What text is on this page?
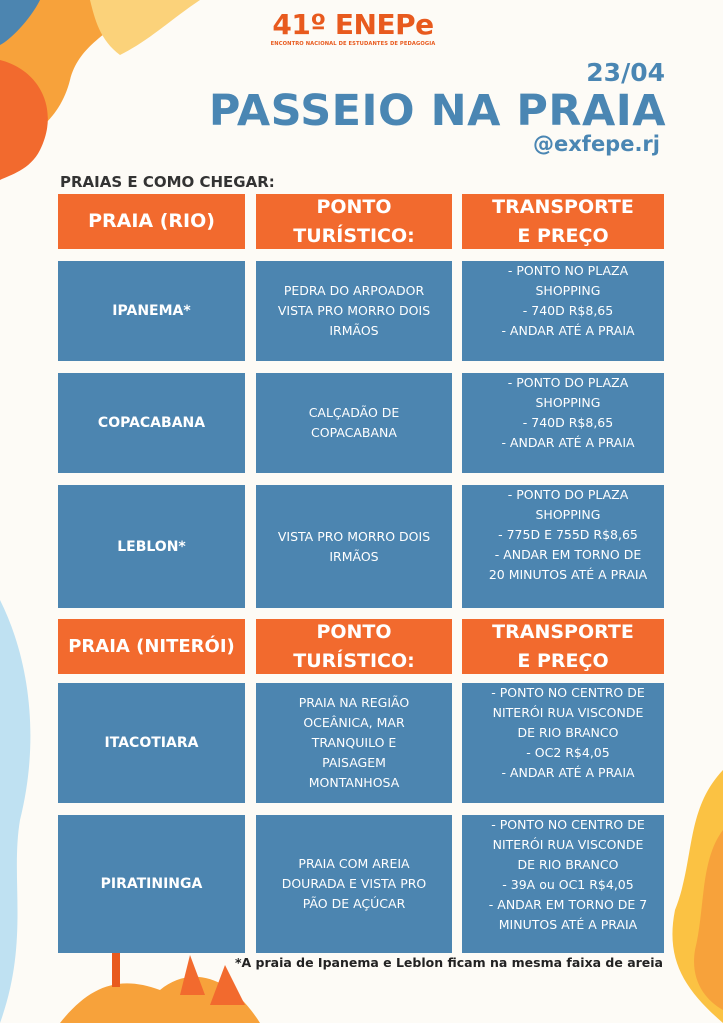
41º ENEPe
ENCONTRO NACIONAL DE ESTUDANTES DE PEDAGOGIA
23/04
PASSEIO NA PRAIA
@exfepe.rj
PRAIAS E COMO CHEGAR:
PRAIA (RIO)
PONTO
TURÍSTICO:
TRANSPORTE
E PREÇO
IPANEMA*
PEDRA DO ARPOADOR
VISTA PRO MORRO DOIS
IRMÃOS
- PONTO NO PLAZA
SHOPPING
- 740D R$8,65
- ANDAR ATÉ A PRAIA
COPACABANA
CALÇADÃO DE
COPACABANA
- PONTO DO PLAZA
SHOPPING
- 740D R$8,65
- ANDAR ATÉ A PRAIA
LEBLON*
VISTA PRO MORRO DOIS
IRMÃOS
- PONTO DO PLAZA
SHOPPING
- 775D E 755D R$8,65
- ANDAR EM TORNO DE
20 MINUTOS ATÉ A PRAIA
PRAIA (NITERÓI)
PONTO
TURÍSTICO:
TRANSPORTE
E PREÇO
ITACOTIARA
PRAIA NA REGIÃO
OCEÂNICA, MAR
TRANQUILO E
PAISAGEM
MONTANHOSA
- PONTO NO CENTRO DE
NITERÓI RUA VISCONDE
DE RIO BRANCO
- OC2 R$4,05
- ANDAR ATÉ A PRAIA
PIRATININGA
PRAIA COM AREIA
DOURADA E VISTA PRO
PÃO DE AÇÚCAR
- PONTO NO CENTRO DE
NITERÓI RUA VISCONDE
DE RIO BRANCO
- 39A ou OC1 R$4,05
- ANDAR EM TORNO DE 7
MINUTOS ATÉ A PRAIA
*A praia de Ipanema e Leblon ficam na mesma faixa de areia
